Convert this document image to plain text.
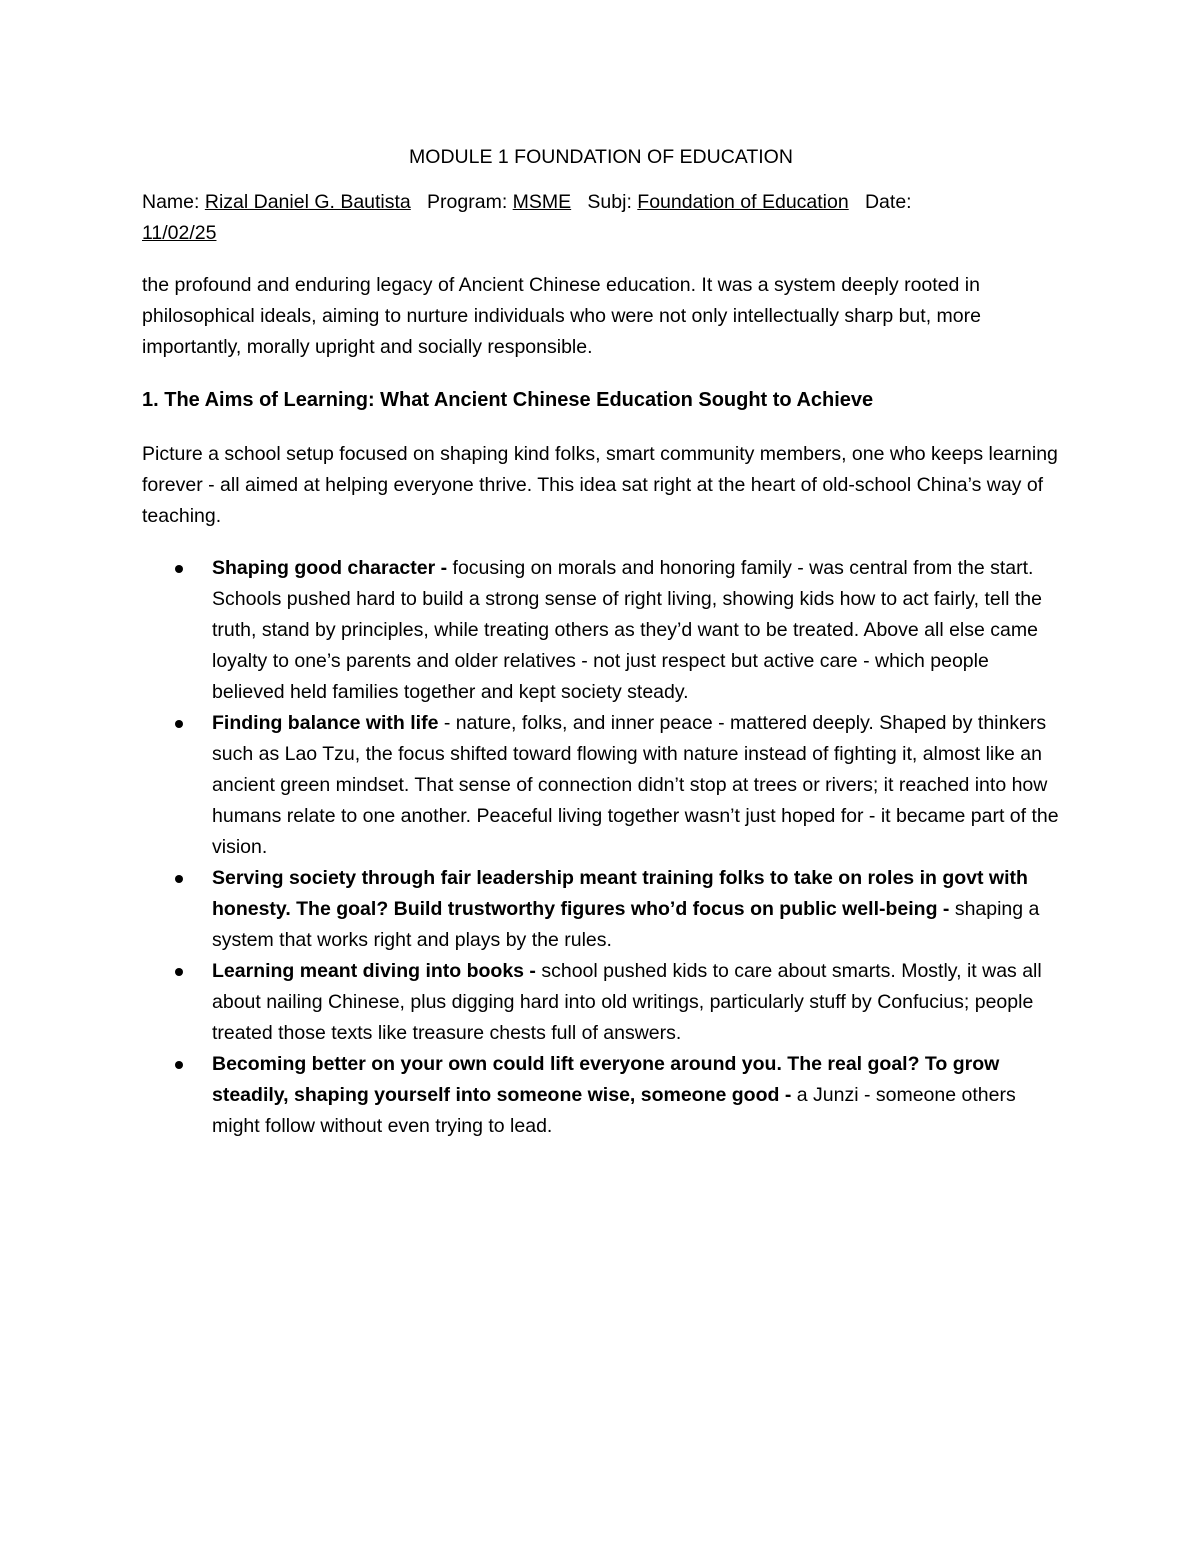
MODULE 1 FOUNDATION OF EDUCATION
Name: Rizal Daniel G. Bautista Program: MSME Subj: Foundation of Education Date:
11/02/25
the profound and enduring legacy of Ancient Chinese education. It was a system deeply rooted in philosophical ideals, aiming to nurture individuals who were not only intellectually sharp but, more importantly, morally upright and socially responsible.
1. The Aims of Learning: What Ancient Chinese Education Sought to Achieve
Picture a school setup focused on shaping kind folks, smart community members, one who keeps learning forever - all aimed at helping everyone thrive. This idea sat right at the heart of old-school China’s way of teaching.
Shaping good character - focusing on morals and honoring family - was central from the start. Schools pushed hard to build a strong sense of right living, showing kids how to act fairly, tell the truth, stand by principles, while treating others as they’d want to be treated. Above all else came loyalty to one’s parents and older relatives - not just respect but active care - which people believed held families together and kept society steady.
Finding balance with life - nature, folks, and inner peace - mattered deeply. Shaped by thinkers such as Lao Tzu, the focus shifted toward flowing with nature instead of fighting it, almost like an ancient green mindset. That sense of connection didn’t stop at trees or rivers; it reached into how humans relate to one another. Peaceful living together wasn’t just hoped for - it became part of the vision.
Serving society through fair leadership meant training folks to take on roles in govt with honesty. The goal? Build trustworthy figures who’d focus on public well-being - shaping a system that works right and plays by the rules.
Learning meant diving into books - school pushed kids to care about smarts. Mostly, it was all about nailing Chinese, plus digging hard into old writings, particularly stuff by Confucius; people treated those texts like treasure chests full of answers.
Becoming better on your own could lift everyone around you. The real goal? To grow steadily, shaping yourself into someone wise, someone good - a Junzi - someone others might follow without even trying to lead.
